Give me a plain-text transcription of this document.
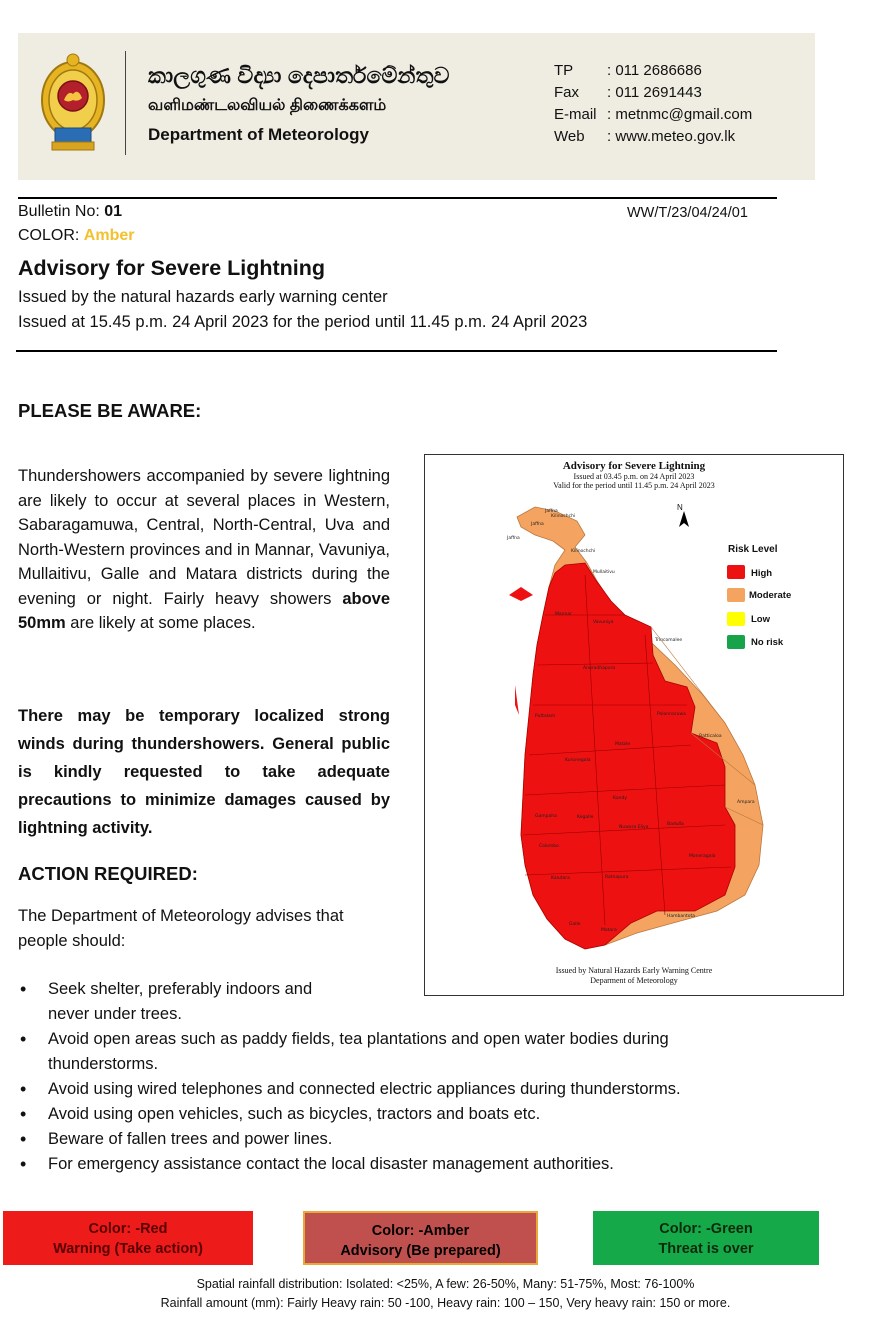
කාලගුණ විද්‍යා දෙපාර්තමේන්තුව
வளிமண்டலவியல் திணைக்களம்
Department of Meteorology
TP : 011 2686686
Fax : 011 2691443
E-mail : metnmc@gmail.com
Web : www.meteo.gov.lk
Bulletin No: 01	WW/T/23/04/24/01
COLOR: Amber
Advisory for Severe Lightning
Issued by the natural hazards early warning center
Issued at 15.45 p.m. 24 April 2023 for the period until 11.45 p.m. 24 April 2023
PLEASE BE AWARE:
Thundershowers accompanied by severe lightning are likely to occur at several places in Western, Sabaragamuwa, Central, North-Central, Uva and North-Western provinces and in Mannar, Vavuniya, Mullaitivu, Galle and Matara districts during the evening or night. Fairly heavy showers above 50mm are likely at some places.
There may be temporary localized strong winds during thundershowers. General public is kindly requested to take adequate precautions to minimize damages caused by lightning activity.
ACTION REQUIRED:
The Department of Meteorology advises that people should:
• Seek shelter, preferably indoors and never under trees.
• Avoid open areas such as paddy fields, tea plantations and open water bodies during thunderstorms.
• Avoid using wired telephones and connected electric appliances during thunderstorms.
• Avoid using open vehicles, such as bicycles, tractors and boats etc.
• Beware of fallen trees and power lines.
• For emergency assistance contact the local disaster management authorities.
Advisory for Severe Lightning
Issued at 03.45 p.m. on 24 April 2023
Valid for the period until 11.45 p.m. 24 April 2023
Jaffna
Jaffna
Kilinochchi
Jaffna
Kilinochchi
Mullaitivu
Mannar
Vavuniya
Trincomalee
Anuradhapura
Polonnaruwa
Puttalam
Batticaloa
Kurunegala
Matale
Kandy
Ampara
Gampaha	Kegalle
Nuwara Eliya
Badulla
Colombo
Moneragala
Kalutara	Ratnapura
Hambantota
Galle
Matara
N
Risk Level
High
Moderate
Low
No risk
Issued by Natural Hazards Early Warning Centre
Deparment of Meteorology
Color: -Red
Warning (Take action)
Color: -Amber
Advisory (Be prepared)
Color: -Green
Threat is over
Spatial rainfall distribution: Isolated: <25%, A few: 26-50%, Many: 51-75%, Most: 76-100%
Rainfall amount (mm): Fairly Heavy rain: 50 -100, Heavy rain: 100 – 150, Very heavy rain: 150 or more.
